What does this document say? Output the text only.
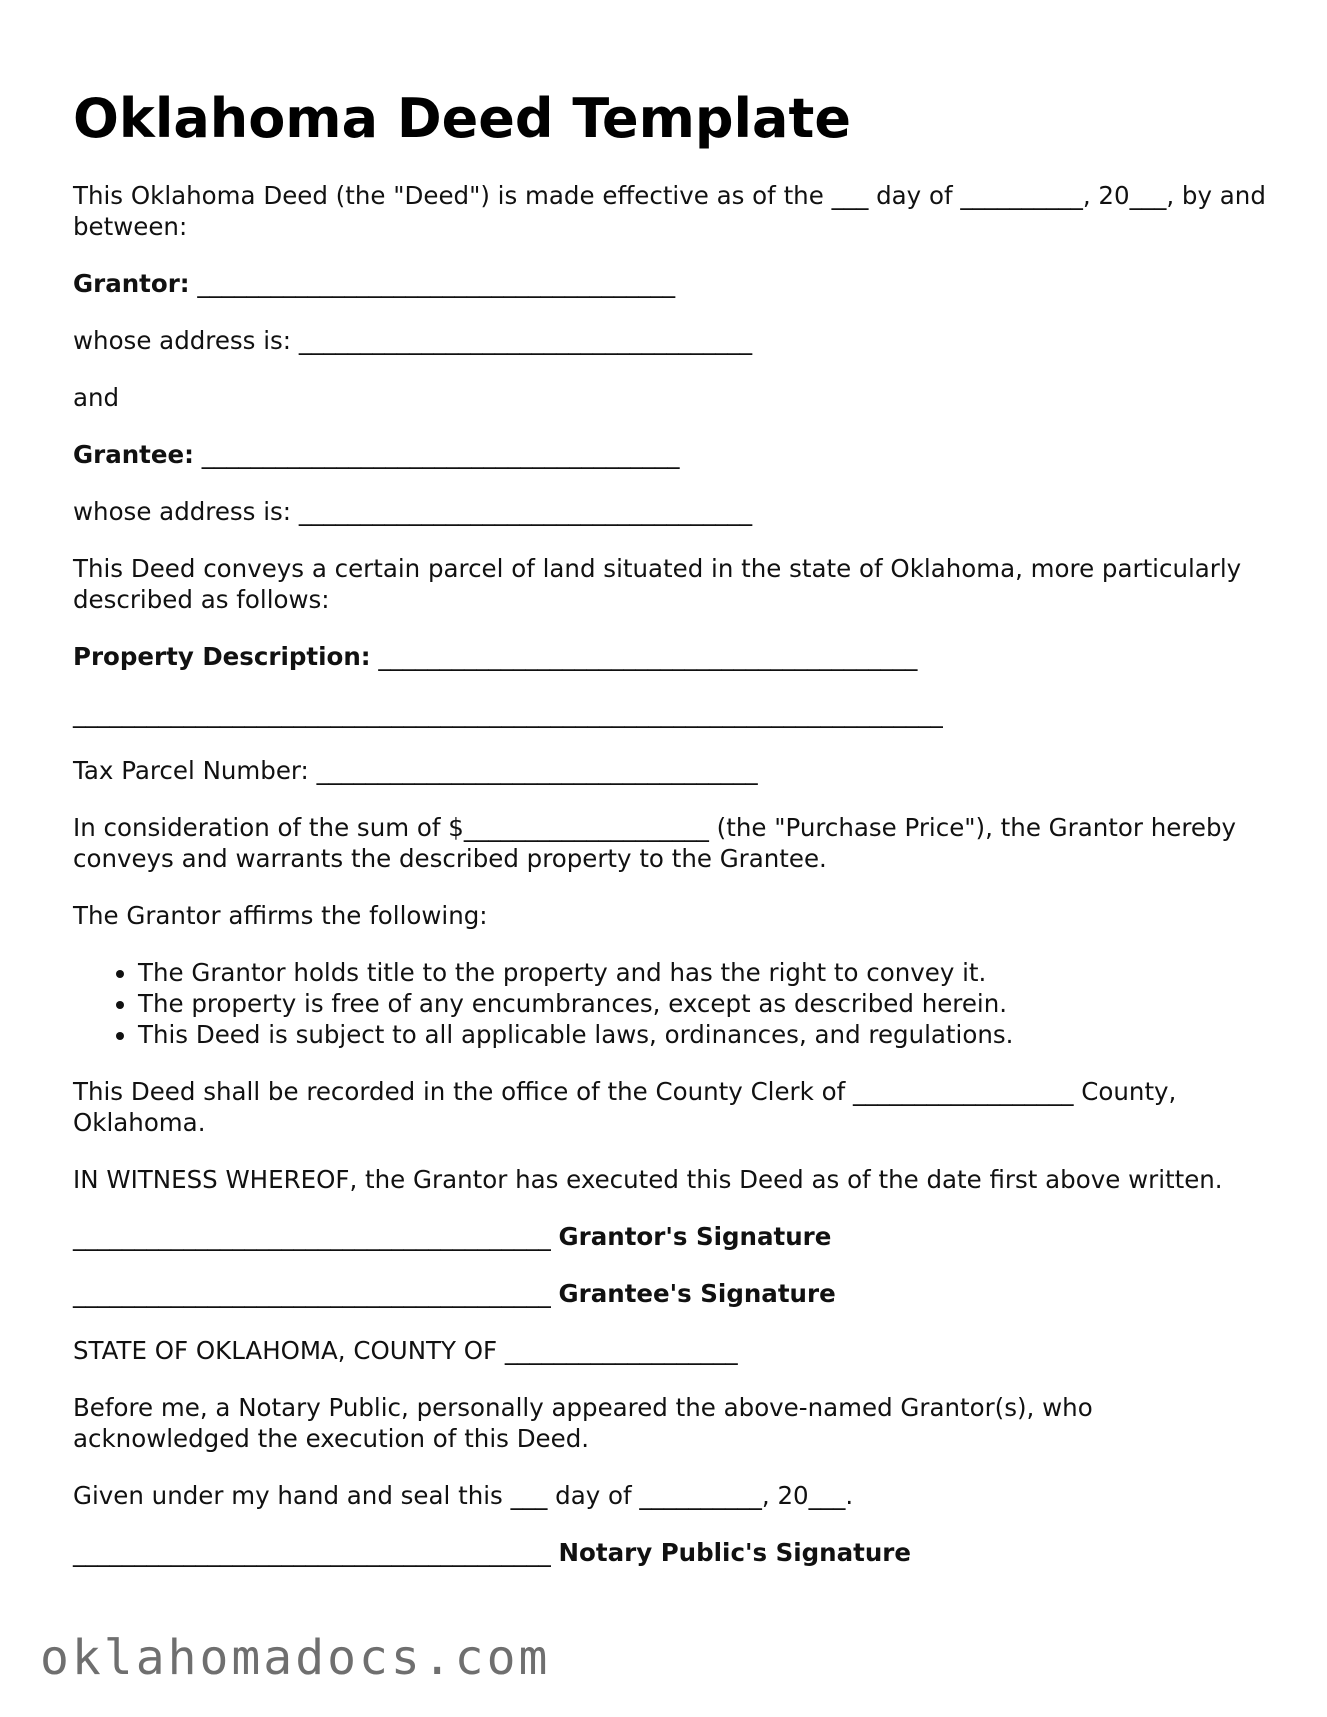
Oklahoma Deed Template

This Oklahoma Deed (the "Deed") is made effective as of the ___ day of __________, 20___, by and between:

Grantor: _______________________________________

whose address is: _____________________________________

and

Grantee: _______________________________________

whose address is: _____________________________________

This Deed conveys a certain parcel of land situated in the state of Oklahoma, more particularly described as follows:

Property Description: ____________________________________________

_______________________________________________________________________

Tax Parcel Number: ____________________________________

In consideration of the sum of $____________________ (the "Purchase Price"), the Grantor hereby conveys and warrants the described property to the Grantee.

The Grantor affirms the following:

• The Grantor holds title to the property and has the right to convey it.
• The property is free of any encumbrances, except as described herein.
• This Deed is subject to all applicable laws, ordinances, and regulations.

This Deed shall be recorded in the office of the County Clerk of __________________ County, Oklahoma.

IN WITNESS WHEREOF, the Grantor has executed this Deed as of the date first above written.

_______________________________________ Grantor's Signature

_______________________________________ Grantee's Signature

STATE OF OKLAHOMA, COUNTY OF ___________________

Before me, a Notary Public, personally appeared the above-named Grantor(s), who acknowledged the execution of this Deed.

Given under my hand and seal this ___ day of __________, 20___.

_______________________________________ Notary Public's Signature

oklahomadocs.com
